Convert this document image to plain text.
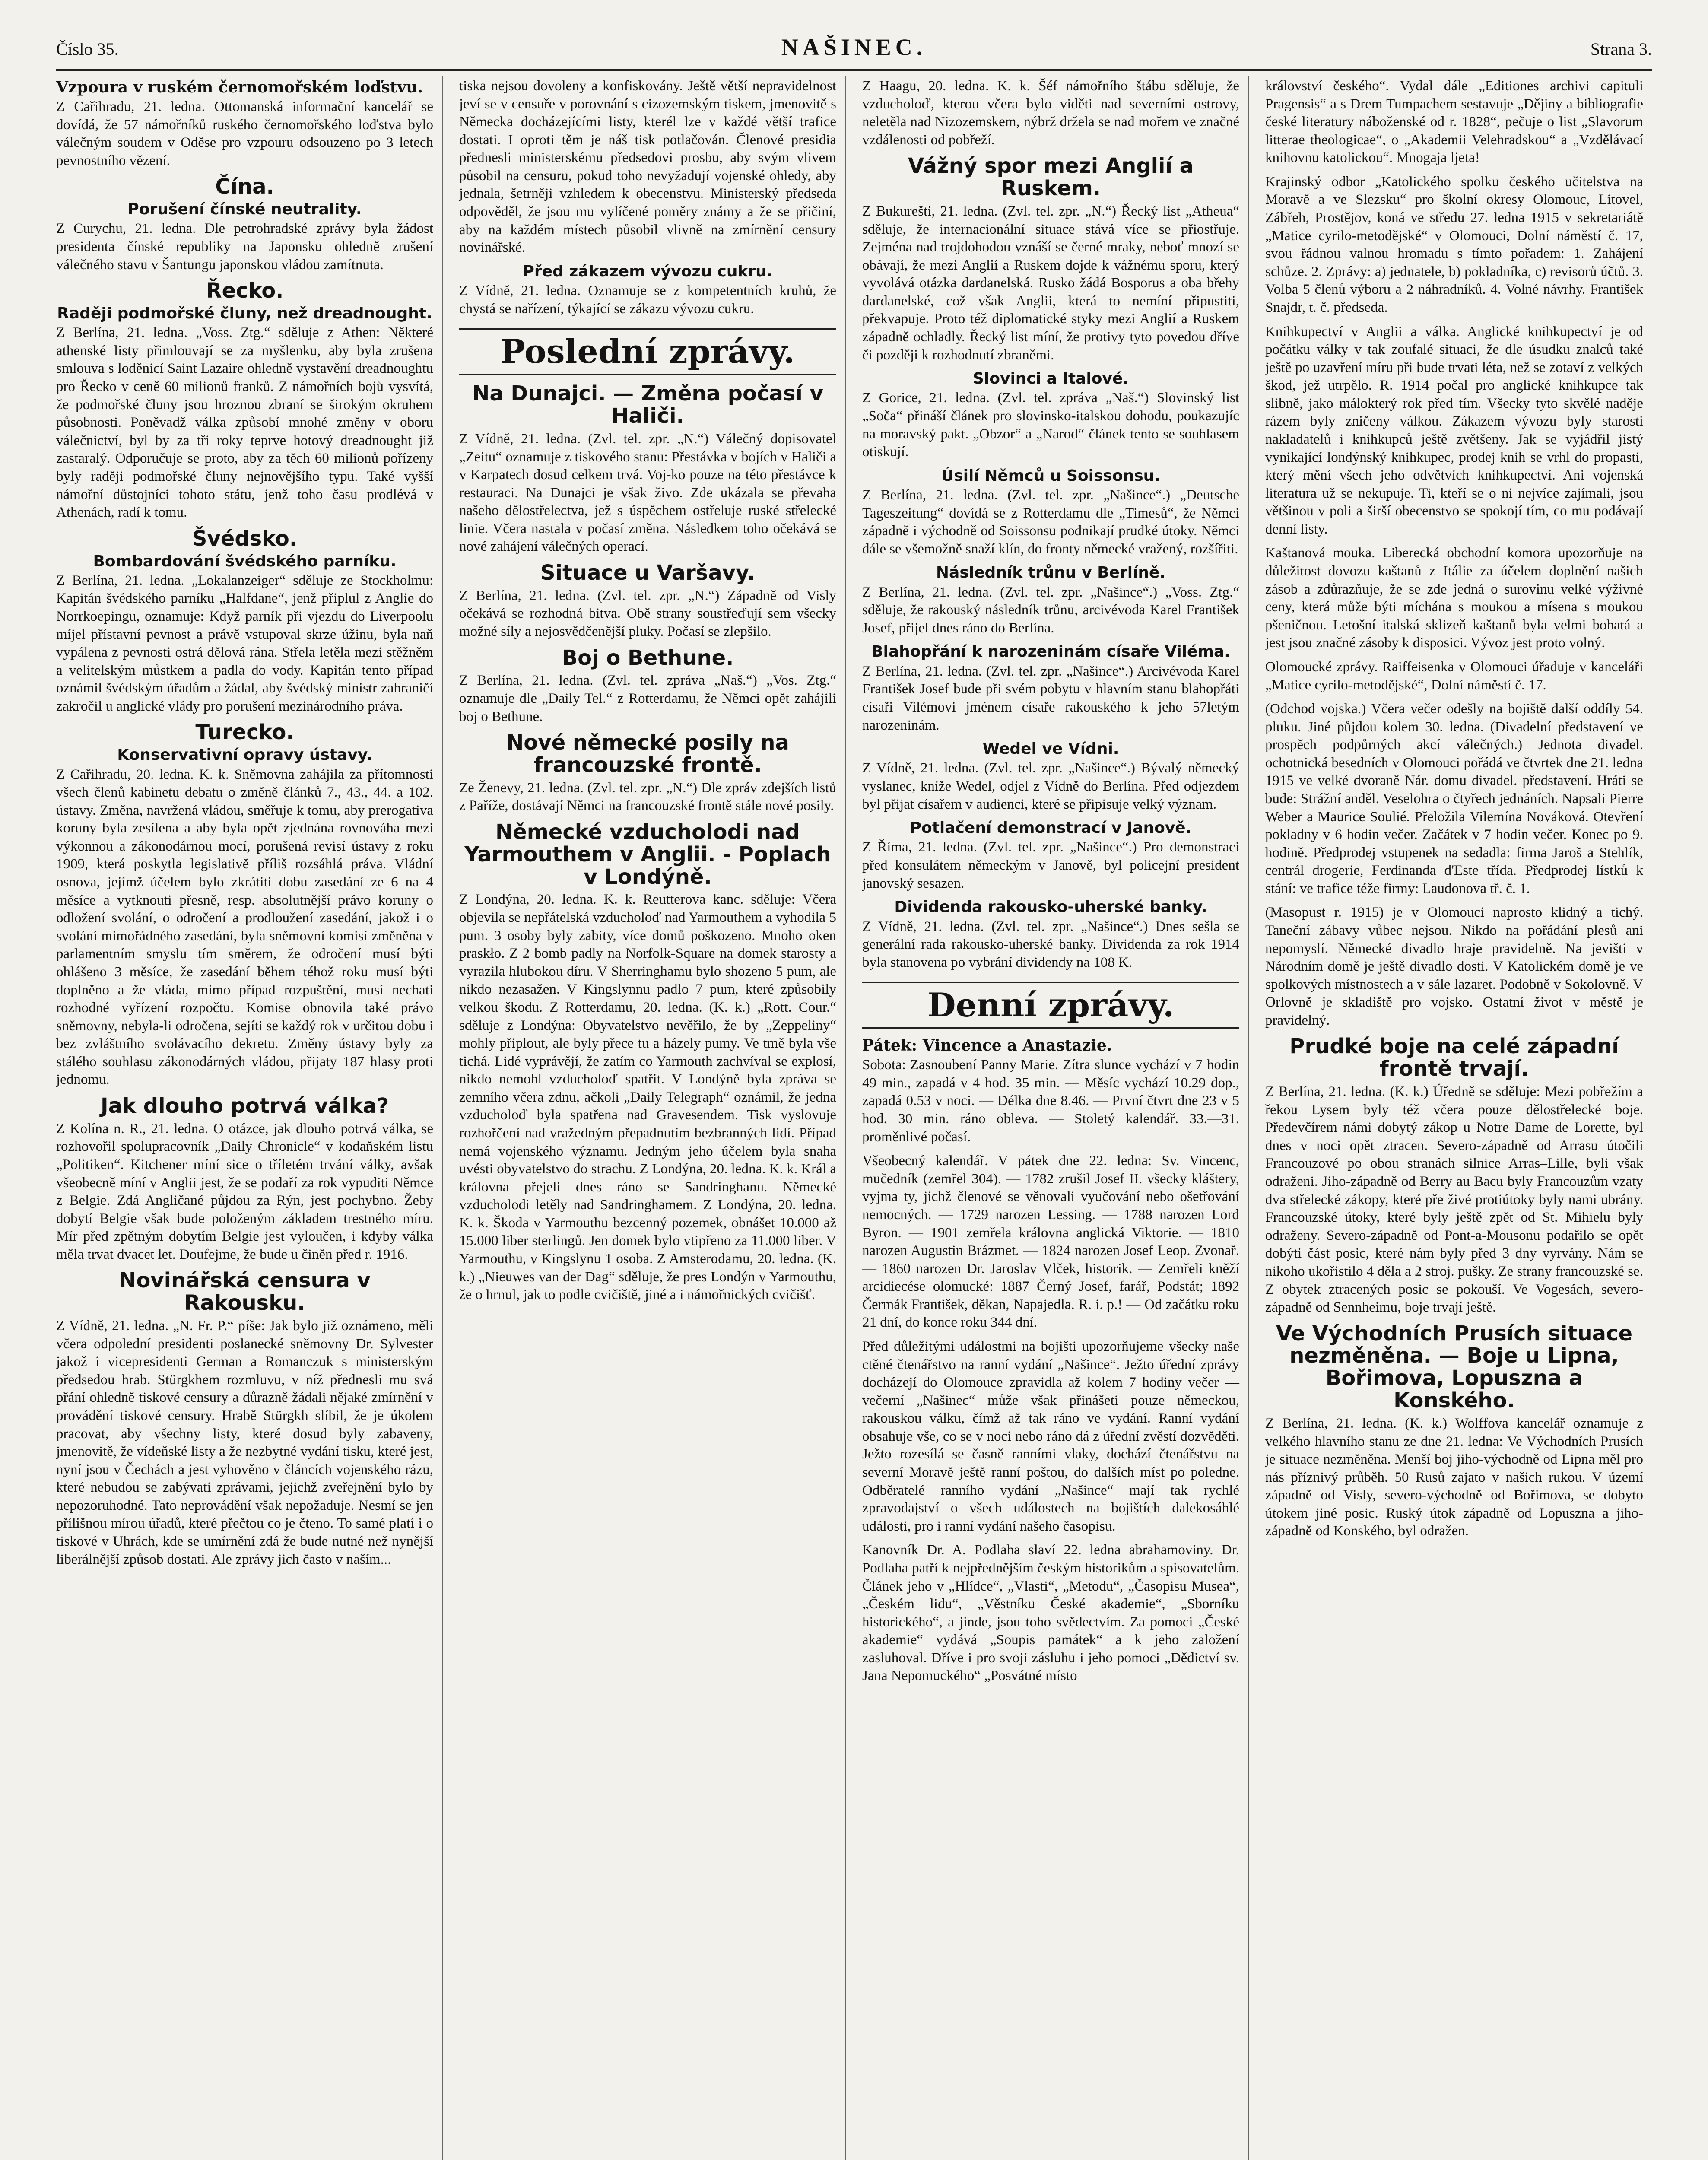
Číslo 35.	NAŠINEC.	Strana 3.
Vzpoura v ruském černomořském loďstvu.

Z Cařihradu, 21. ledna. Ottomanská informační kancelář se dovídá, že 57 námořníků ruského černomořského loďstva bylo válečným soudem v Oděse pro vzpouru odsouzeno po 3 letech pevnostního vězení.

Čína.
Porušení čínské neutrality.

Z Curychu, 21. ledna. Dle petrohradské zprávy byla žádost presidenta čínské republiky na Japonsku ohledně zrušení válečného stavu v Šantungu japonskou vládou zamítnuta.

Řecko.
Raději podmořské čluny, než dreadnought.

Z Berlína, 21. ledna. „Voss. Ztg.“ sděluje z Athen: Některé athenské listy přimlouvají se za myšlenku, aby byla zrušena smlouva s loděnicí Saint Lazaire ohledně vystavění dreadnoughtu pro Řecko v ceně 60 milionů franků. Z námořních bojů vysvítá, že podmořské čluny jsou hroznou zbraní se širokým okruhem působnosti. Poněvadž válka způsobí mnohé změny v oboru válečnictví, byl by za tři roky teprve hotový dreadnought již zastaralý. Odporučuje se proto, aby za těch 60 milionů pořízeny byly raději podmořské čluny nejnovějšího typu. Také vyšší námořní důstojníci tohoto státu, jenž toho času prodlévá v Athenách, radí k tomu.

Švédsko.
Bombardování švédského parníku.

Z Berlína, 21. ledna. „Lokalanzeiger“ sděluje ze Stockholmu: Kapitán švédského parníku „Halfdane“, jenž připlul z Anglie do Norrkoepingu, oznamuje: Když parník při vjezdu do Liverpoolu míjel přístavní pevnost a právě vstupoval skrze úžinu, byla naň vypálena z pevnosti ostrá dělová rána. Střela letěla mezi stěžněm a velitelským můstkem a padla do vody. Kapitán tento případ oznámil švédským úřadům a žádal, aby švédský ministr zahraničí zakročil u anglické vlády pro porušení mezinárodního práva.

Turecko.
Konservativní opravy ústavy.

Z Cařihradu, 20. ledna. K. k. Sněmovna zahájila za přítomnosti všech členů kabinetu debatu o změně článků 7., 43., 44. a 102. ústavy. Změna, navržená vládou, směřuje k tomu, aby prerogativa koruny byla zesílena a aby byla opět zjednána rovnováha mezi výkonnou a zákonodárnou mocí, porušená revisí ústavy z roku 1909, která poskytla legislativě příliš rozsáhlá práva. Vládní osnova, jejímž účelem bylo zkrátiti dobu zasedání ze 6 na 4 měsíce a vytknouti přesně, resp. absolutnější právo koruny o odložení svolání, o odročení a prodloužení zasedání, jakož i o svolání mimořádného zasedání, byla sněmovní komisí změněna v parlamentním smyslu tím směrem, že odročení musí býti ohlášeno 3 měsíce, že zasedání během téhož roku musí býti doplněno a že vláda, mimo případ rozpuštění, musí nechati rozhodné vyřízení rozpočtu. Komise obnovila také právo sněmovny, nebyla-li odročena, sejíti se každý rok v určitou dobu i bez zvláštního svolávacího dekretu. Změny ústavy byly za stálého souhlasu zákonodárných vládou, přijaty 187 hlasy proti jednomu.

Jak dlouho potrvá válka?

Z Kolína n. R., 21. ledna. O otázce, jak dlouho potrvá válka, se rozhovořil spolupracovník „Daily Chronicle“ v kodaňském listu „Politiken“. Kitchener míní sice o tříletém trvání války, avšak všeobecně míní v Anglii jest, že se podaří za rok vypuditi Němce z Belgie. Zdá Angličané půjdou za Rýn, jest pochybno. Žeby dobytí Belgie však bude položeným základem trestného míru. Mír před zpětným dobytím Belgie jest vyloučen, i kdyby válka měla trvat dvacet let. Doufejme, že bude u činěn před r. 1916.

Novinářská censura v Rakousku.

Z Vídně, 21. ledna. „N. Fr. P.“ píše: Jak bylo již oznámeno, měli včera odpolední presidenti poslanecké sněmovny Dr. Sylvester jakož i vicepresidenti German a Romanczuk s ministerským předsedou hrab. Stürgkhem rozmluvu, v níž přednesli mu svá přání ohledně tiskové censury a důrazně žádali nějaké zmírnění v provádění tiskové censury. Hrabě Stürgkh slíbil, že je úkolem pracovat, aby všechny listy, které dosud byly zabaveny, jmenovitě, že vídeňské listy a že nezbytné vydání tisku, které jest, nyní jsou v Čechách a jest vyhověno v článcích vojenského rázu, které nebudou se zabývati zprávami, jejichž zveřejnění bylo by nepozoruhodné. Tato neprovádění však nepožaduje. Nesmí se jen přílišnou mírou úřadů, které přečtou co je čteno. To samé platí i o tiskové v Uhrách, kde se umírnění zdá že bude nutné než nynější liberálnější způsob dostati. Ale zprávy jich často v naším...

tiska nejsou dovoleny a konfiskovány. Ještě větší nepravidelnost jeví se v censuře v porovnání s cizozemským tiskem, jmenovitě s Německa docházejícími listy, kterél lze v každé větší trafice dostati. I oproti těm je náš tisk potlačován. Členové presidia přednesli ministerskému předsedovi prosbu, aby svým vlivem působil na censuru, pokud toho nevyžadují vojenské ohledy, aby jednala, šetrněji vzhledem k obecenstvu. Ministerský předseda odpověděl, že jsou mu vylíčené poměry známy a že se přičiní, aby na každém místech působil vlivně na zmírnění censury novinářské.

Před zákazem vývozu cukru.

Z Vídně, 21. ledna. Oznamuje se z kompetentních kruhů, že chystá se nařízení, týkající se zákazu vývozu cukru.

Poslední zprávy.
Na Dunajci. — Změna počasí v Haliči.

Z Vídně, 21. ledna. (Zvl. tel. zpr. „N.“) Válečný dopisovatel „Zeitu“ oznamuje z tiskového stanu: Přestávka v bojích v Haliči a v Karpatech dosud celkem trvá. Voj-ko pouze na této přestávce k restauraci. Na Dunajci je však živo. Zde ukázala se převaha našeho dělostřelectva, jež s úspěchem ostřeluje ruské střelecké linie. Včera nastala v počasí změna. Následkem toho očekává se nové zahájení válečných operací.

Situace u Varšavy.

Z Berlína, 21. ledna. (Zvl. tel. zpr. „N.“) Západně od Visly očekává se rozhodná bitva. Obě strany soustřeďují sem všecky možné síly a nejosvědčenější pluky. Počasí se zlepšilo.

Boj o Bethune.

Z Berlína, 21. ledna. (Zvl. tel. zpráva „Naš.“) „Vos. Ztg.“ oznamuje dle „Daily Tel.“ z Rotterdamu, že Němci opět zahájili boj o Bethune.

Nové německé posily na francouzské frontě.

Ze Ženevy, 21. ledna. (Zvl. tel. zpr. „N.“) Dle zpráv zdejších listů z Paříže, dostávají Němci na francouzské frontě stále nové posily.

Německé vzducholodi nad Yarmouthem v Anglii. - Poplach v Londýně.

Z Londýna, 20. ledna. K. k. Reutterova kanc. sděluje: Včera objevila se nepřátelská vzducholoď nad Yarmouthem a vyhodila 5 pum. 3 osoby byly zabity, více domů poškozeno. Mnoho oken praskło. Z 2 bomb padly na Norfolk-Square na domek starosty a vyrazila hlubokou díru. V Sherringhamu bylo shozeno 5 pum, ale nikdo nezasažen. V Kingslynnu padlo 7 pum, které způsobily velkou škodu. Z Rotterdamu, 20. ledna. (K. k.) „Rott. Cour.“ sděluje z Londýna: Obyvatelstvo nevěřilo, že by „Zeppeliny“ mohly připlout, ale byly přece tu a házely pumy. Ve tmě byla vše tichá. Lidé vyprávějí, že zatím co Yarmouth zachvíval se explosí, nikdo nemohl vzducholoď spatřit. V Londýně byla zpráva se zemního včera zdnu, ačkoli „Daily Telegraph“ oznámil, že jedna vzducholoď byla spatřena nad Gravesendem. Tisk vyslovuje rozhořčení nad vražedným přepadnutím bezbranných lidí. Případ nemá vojenského významu. Jedným jeho účelem byla snaha uvésti obyvatelstvo do strachu. Z Londýna, 20. ledna. K. k. Král a královna přejeli dnes ráno se Sandringhanu. Německé vzducholodi letěly nad Sandringhamem. Z Londýna, 20. ledna. K. k. Škoda v Yarmouthu bezcenný pozemek, obnášet 10.000 až 15.000 liber sterlingů. Jen domek bylo vtipřeno za 11.000 liber. V Yarmouthu, v Kingslynu 1 osoba. Z Amsterodamu, 20. ledna. (K. k.) „Nieuwes van der Dag“ sděluje, že pres Londýn v Yarmouthu, že o hrnul, jak to podle cvičiště, jiné a i námořnických cvičišť.

Z Haagu, 20. ledna. K. k. Šéf námořního štábu sděluje, že vzducholoď, kterou včera bylo viděti nad severními ostrovy, neletěla nad Nizozemskem, nýbrž držela se nad mořem ve značné vzdálenosti od pobřeží.

Vážný spor mezi Anglií a Ruskem.

Z Bukurešti, 21. ledna. (Zvl. tel. zpr. „N.“) Řecký list „Atheua“ sděluje, že internacionální situace stává více se přiostřuje. Zejména nad trojdohodou vznáší se černé mraky, neboť mnozí se obávají, že mezi Anglií a Ruskem dojde k vážnému sporu, který vyvolává otázka dardanelská. Rusko žádá Bosporus a oba břehy dardanelské, což však Anglii, která to nemíní připustiti, překvapuje. Proto též diplomatické styky mezi Anglií a Ruskem západně ochladly. Řecký list míní, že protivy tyto povedou dříve či později k rozhodnutí zbraněmi.

Slovinci a Italové.

Z Gorice, 21. ledna. (Zvl. tel. zpráva „Naš.“) Slovinský list „Soča“ přináší článek pro slovinsko-italskou dohodu, poukazujíc na moravský pakt. „Obzor“ a „Narod“ článek tento se souhlasem otiskují.

Úsilí Němců u Soissonsu.

Z Berlína, 21. ledna. (Zvl. tel. zpr. „Našince“.) „Deutsche Tageszeitung“ dovídá se z Rotterdamu dle „Timesů“, že Němci západně i východně od Soissonsu podnikají prudké útoky. Němci dále se všemožně snaží klín, do fronty německé vražený, rozšířiti.

Následník trůnu v Berlíně.

Z Berlína, 21. ledna. (Zvl. tel. zpr. „Našince“.) „Voss. Ztg.“ sděluje, že rakouský následník trůnu, arcivévoda Karel František Josef, přijel dnes ráno do Berlína.

Blahopřání k narozeninám císaře Viléma.

Z Berlína, 21. ledna. (Zvl. tel. zpr. „Našince“.) Arcivévoda Karel František Josef bude při svém pobytu v hlavním stanu blahopřáti císaři Vilémovi jménem císaře rakouského k jeho 57letým narozeninám.

Wedel ve Vídni.

Z Vídně, 21. ledna. (Zvl. tel. zpr. „Našince“.) Bývalý německý vyslanec, kníže Wedel, odjel z Vídně do Berlína. Před odjezdem byl přijat císařem v audienci, které se připisuje velký význam.

Potlačení demonstrací v Janově.

Z Říma, 21. ledna. (Zvl. tel. zpr. „Našince“.) Pro demonstraci před konsulátem německým v Janově, byl policejní president janovský sesazen.

Dividenda rakousko-uherské banky.

Z Vídně, 21. ledna. (Zvl. tel. zpr. „Našince“.) Dnes sešla se generální rada rakousko-uherské banky. Dividenda za rok 1914 byla stanovena po vybrání dividendy na 108 K.

Denní zprávy.
Pátek: Vincence a Anastazie.

Sobota: Zasnoubení Panny Marie. Zítra slunce vychází v 7 hodin 49 min., zapadá v 4 hod. 35 min. — Měsíc vychází 10.29 dop., zapadá 0.53 v noci. — Délka dne 8.46. — První čtvrt dne 23 v 5 hod. 30 min. ráno obleva. — Stoletý kalendář. 33.—31. proměnlivé počasí.

Všeobecný kalendář. V pátek dne 22. ledna: Sv. Vincenc, mučedník (zemřel 304). — 1782 zrušil Josef II. všecky kláštery, vyjma ty, jichž členové se věnovali vyučování nebo ošetřování nemocných. — 1729 narozen Lessing. — 1788 narozen Lord Byron. — 1901 zemřela královna anglická Viktorie. — 1810 narozen Augustin Brázmet. — 1824 narozen Josef Leop. Zvonař. — 1860 narozen Dr. Jaroslav Vlček, historik. — Zemřeli kněží arcidiecése olomucké: 1887 Černý Josef, farář, Podstát; 1892 Čermák František, děkan, Napajedla. R. i. p.! — Od začátku roku 21 dní, do konce roku 344 dní.

Před důležitými událostmi na bojišti upozorňujeme všecky naše ctěné čtenářstvo na ranní vydání „Našince“. Ježto úřední zprávy docházejí do Olomouce zpravidla až kolem 7 hodiny večer — večerní „Našinec“ může však přinášeti pouze německou, rakouskou válku, čímž až tak ráno ve vydání. Ranní vydání obsahuje vše, co se v noci nebo ráno dá z úřední zvěstí dozvěděti. Ježto rozesílá se časně ranními vlaky, dochází čtenářstvu na severní Moravě ještě ranní poštou, do dalších míst po poledne. Odběratelé ranního vydání „Našince“ mají tak rychlé zpravodajství o všech událostech na bojištích dalekosáhlé události, pro i ranní vydání našeho časopisu.

Kanovník Dr. A. Podlaha slaví 22. ledna abrahamoviny. Dr. Podlaha patří k nejpřednějším českým historikům a spisovatelům. Článek jeho v „Hlídce“, „Vlasti“, „Metodu“, „Časopisu Musea“, „Českém lidu“, „Věstníku České akademie“, „Sborníku historického“, a jinde, jsou toho svědectvím. Za pomoci „České akademie“ vydává „Soupis památek“ a k jeho založení zasluhoval. Dříve i pro svoji zásluhu i jeho pomoci „Dědictví sv. Jana Nepomuckého“ „Posvátné místo

království českého“. Vydal dále „Editiones archivi capituli Pragensis“ a s Drem Tumpachem sestavuje „Dějiny a bibliografie české literatury náboženské od r. 1828“, pečuje o list „Slavorum litterae theologicae“, o „Akademii Velehradskou“ a „Vzdělávací knihovnu katolickou“. Mnogaja ljeta!

Krajinský odbor „Katolického spolku českého učitelstva na Moravě a ve Slezsku“ pro školní okresy Olomouc, Litovel, Zábřeh, Prostějov, koná ve středu 27. ledna 1915 v sekretariátě „Matice cyrilo-metodějské“ v Olomouci, Dolní náměstí č. 17, svou řádnou valnou hromadu s tímto pořadem: 1. Zahájení schůze. 2. Zprávy: a) jednatele, b) pokladníka, c) revisorů účtů. 3. Volba 5 členů výboru a 2 náhradníků. 4. Volné návrhy. František Snajdr, t. č. předseda.

Knihkupectví v Anglii a válka. Anglické knihkupectví je od počátku války v tak zoufalé situaci, že dle úsudku znalců také ještě po uzavření míru při bude trvati léta, než se zotaví z velkých škod, jež utrpělo. R. 1914 počal pro anglické knihkupce tak slibně, jako málokterý rok před tím. Všecky tyto skvělé naděje rázem byly zničeny válkou. Zákazem vývozu byly starosti nakladatelů i knihkupců ještě zvětšeny. Jak se vyjádřil jistý vynikající londýnský knihkupec, prodej knih se vrhl do propasti, který mění všech jeho odvětvích knihkupectví. Ani vojenská literatura už se nekupuje. Ti, kteří se o ni nejvíce zajímali, jsou většinou v poli a širší obecenstvo se spokojí tím, co mu podávají denní listy.

Kaštanová mouka. Liberecká obchodní komora upozorňuje na důležitost dovozu kaštanů z Itálie za účelem doplnění našich zásob a zdůrazňuje, že se zde jedná o surovinu velké výživné ceny, která může býti míchána s moukou a mísena s moukou pšeničnou. Letošní italská sklizeň kaštanů byla velmi bohatá a jest jsou značné zásoby k disposici. Vývoz jest proto volný.

Olomoucké zprávy. Raiffeisenka v Olomouci úřaduje v kanceláři „Matice cyrilo-metodějské“, Dolní náměstí č. 17.

(Odchod vojska.) Včera večer odešly na bojiště další oddíly 54. pluku. Jiné půjdou kolem 30. ledna. (Divadelní představení ve prospěch podpůrných akcí válečných.) Jednota divadel. ochotnická besedních v Olomouci pořádá ve čtvrtek dne 21. ledna 1915 ve velké dvoraně Nár. domu divadel. představení. Hráti se bude: Strážní anděl. Veselohra o čtyřech jednáních. Napsali Pierre Weber a Maurice Soulié. Přeložila Vilemína Nováková. Otevření pokladny v 6 hodin večer. Začátek v 7 hodin večer. Konec po 9. hodině. Předprodej vstupenek na sedadla: firma Jaroš a Stehlík, centrál drogerie, Ferdinanda d'Este třída. Předprodej lístků k stání: ve trafice téže firmy: Laudonova tř. č. 1.

(Masopust r. 1915) je v Olomouci naprosto klidný a tichý. Taneční zábavy vůbec nejsou. Nikdo na pořádání plesů ani nepomyslí. Německé divadlo hraje pravidelně. Na jevišti v Národním domě je ještě divadlo dosti. V Katolickém domě je ve spolkových místnostech a v sále lazaret. Podobně v Sokolovně. V Orlovně je skladiště pro vojsko. Ostatní život v městě je pravidelný.

Prudké boje na celé západní frontě trvají.

Z Berlína, 21. ledna. (K. k.) Úředně se sděluje: Mezi pobřežím a řekou Lysem byly též včera pouze dělostřelecké boje. Předevčírem námi dobytý zákop u Notre Dame de Lorette, byl dnes v noci opět ztracen. Severo-západně od Arrasu útočili Francouzové po obou stranách silnice Arras–Lille, byli však odraženi. Jiho-západně od Berry au Bacu byly Francouzům vzaty dva střelecké zákopy, které pře živé protiútoky byly nami ubrány. Francouzské útoky, které byly ještě zpět od St. Mihielu byly odraženy. Severo-západně od Pont-a-Mousonu podařilo se opět dobýti část posic, které nám byly před 3 dny vyrvány. Nám se nikoho ukořistilo 4 děla a 2 stroj. pušky. Ze strany francouzské se. Z obytek ztracených posic se pokouší. Ve Vogesách, severo-západně od Sennheimu, boje trvají ještě.

Ve Východních Prusích situace nezměněna. — Boje u Lipna, Bořimova, Lopuszna a Konského.

Z Berlína, 21. ledna. (K. k.) Wolffova kancelář oznamuje z velkého hlavního stanu ze dne 21. ledna: Ve Východních Prusích je situace nezměněna. Menší boj jiho-východně od Lipna měl pro nás příznivý průběh. 50 Rusů zajato v našich rukou. V území západně od Visly, severo-východně od Bořimova, se dobyto útokem jiné posic. Ruský útok západně od Lopuszna a jiho-západně od Konského, byl odražen.
